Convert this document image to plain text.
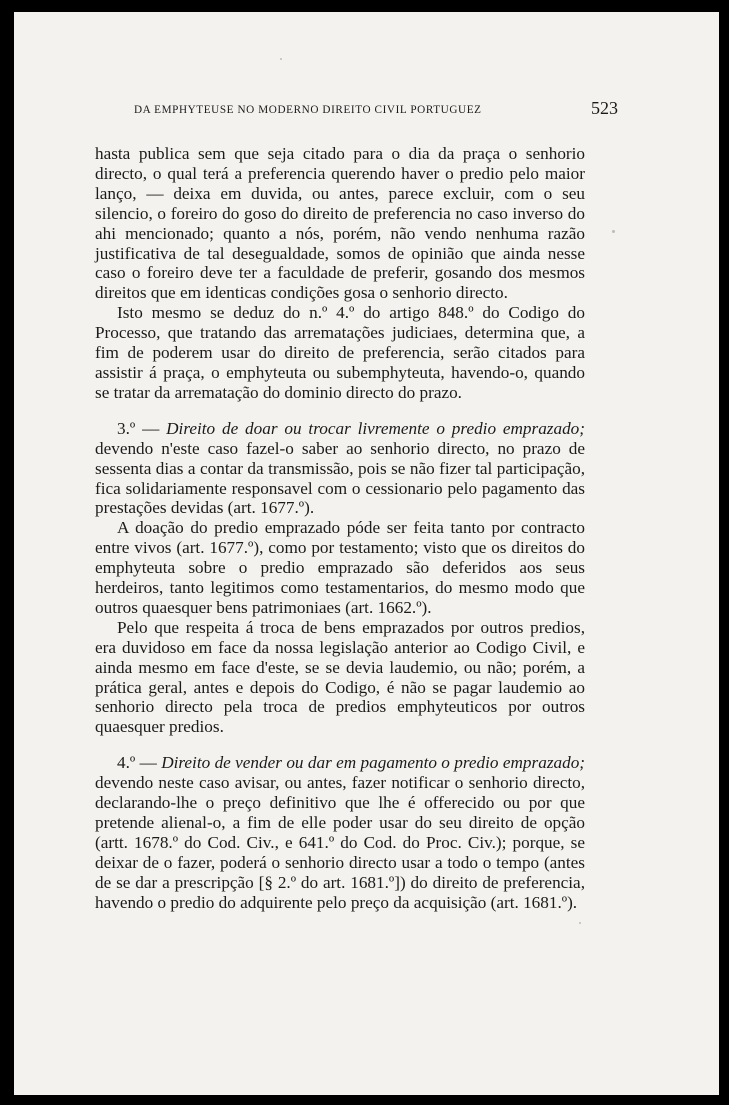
DA EMPHYTEUSE NO MODERNO DIREITO CIVIL PORTUGUEZ	523

hasta publica sem que seja citado para o dia da praça o senhorio directo, o qual terá a preferencia querendo haver o predio pelo maior lanço, — deixa em duvida, ou antes, parece excluir, com o seu silencio, o foreiro do goso do direito de preferencia no caso inverso do ahi mencionado; quanto a nós, porém, não vendo nenhuma razão justificativa de tal desegualdade, somos de opinião que ainda nesse caso o foreiro deve ter a faculdade de preferir, gosando dos mesmos direitos que em identicas condições gosa o senhorio directo.

Isto mesmo se deduz do n.º 4.º do artigo 848.º do Codigo do Processo, que tratando das arrematações judiciaes, determina que, a fim de poderem usar do direito de preferencia, serão citados para assistir á praça, o emphyteuta ou subemphyteuta, havendo-o, quando se tratar da arrematação do dominio directo do prazo.

3.º — Direito de doar ou trocar livremente o predio emprazado; devendo n'este caso fazel-o saber ao senhorio directo, no prazo de sessenta dias a contar da transmissão, pois se não fizer tal participação, fica solidariamente responsavel com o cessionario pelo pagamento das prestações devidas (art. 1677.º).

A doação do predio emprazado póde ser feita tanto por contracto entre vivos (art. 1677.º), como por testamento; visto que os direitos do emphyteuta sobre o predio emprazado são deferidos aos seus herdeiros, tanto legitimos como testamentarios, do mesmo modo que outros quaesquer bens patrimoniaes (art. 1662.º).

Pelo que respeita á troca de bens emprazados por outros predios, era duvidoso em face da nossa legislação anterior ao Codigo Civil, e ainda mesmo em face d'este, se se devia laudemio, ou não; porém, a prática geral, antes e depois do Codigo, é não se pagar laudemio ao senhorio directo pela troca de predios emphyteuticos por outros quaesquer predios.

4.º — Direito de vender ou dar em pagamento o predio emprazado; devendo neste caso avisar, ou antes, fazer notificar o senhorio directo, declarando-lhe o preço definitivo que lhe é offerecido ou por que pretende alienal-o, a fim de elle poder usar do seu direito de opção (artt. 1678.º do Cod. Civ., e 641.º do Cod. do Proc. Civ.); porque, se deixar de o fazer, poderá o senhorio directo usar a todo o tempo (antes de se dar a prescripção [§ 2.º do art. 1681.º]) do direito de preferencia, havendo o predio do adquirente pelo preço da acquisição (art. 1681.º).
